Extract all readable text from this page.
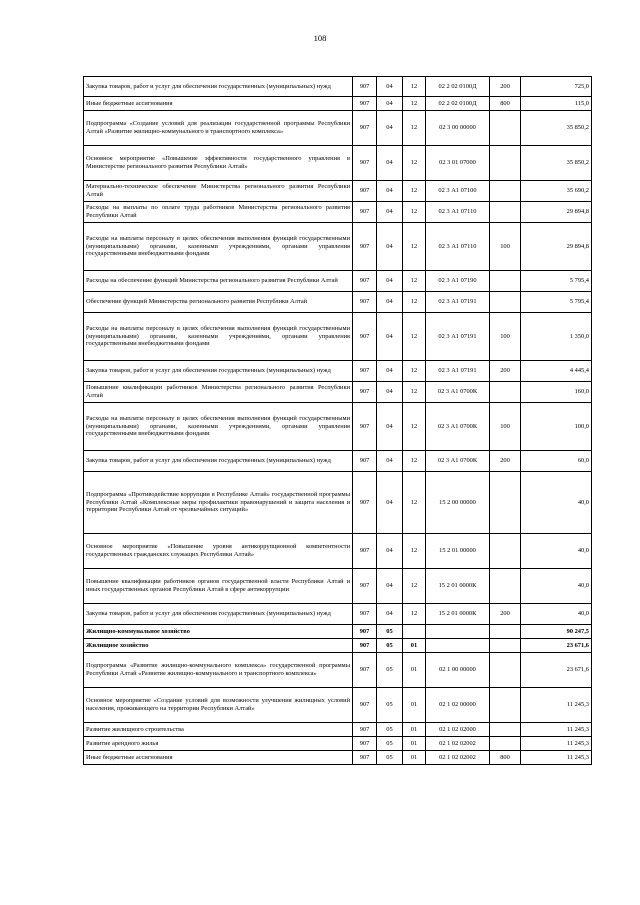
108
Закупка товаров, работ и услуг для обеспечения государственных (муниципальных) нужд	907	04	12	02 2 02 0100Д	200	725,0
Иные бюджетные ассигнования	907	04	12	02 2 02 0100Д	800	115,0
Подпрограмма «Создание условий для реализации государственной программы Республики Алтай «Развитие жилищно-коммунального и транспортного комплекса»	907	04	12	02 3 00 00000		35 850,2
Основное мероприятие «Повышение эффективности государственного управления в Министерстве регионального развития Республики Алтай»	907	04	12	02 3 01 07000		35 850,2
Материально-техническое обеспечение Министерства регионального развития Республики Алтай	907	04	12	02 3 А1 07100		35 690,2
Расходы на выплаты по оплате труда работников Министерства регионального развития Республики Алтай	907	04	12	02 3 А1 07110		29 894,8
Расходы на выплаты персоналу в целях обеспечения выполнения функций государственными (муниципальными) органами, казенными учреждениями, органами управления государственными внебюджетными фондами	907	04	12	02 3 А1 07110	100	29 894,8
Расходы на обеспечение функций Министерства регионального развития Республики Алтай	907	04	12	02 3 А1 07190		5 795,4
Обеспечение функций Министерства регионального развития Республики Алтай	907	04	12	02 3 А1 07191		5 795,4
Расходы на выплаты персоналу в целях обеспечения выполнения функций государственными (муниципальными) органами, казенными учреждениями, органами управления государственными внебюджетными фондами	907	04	12	02 3 А1 07191	100	1 350,0
Закупка товаров, работ и услуг для обеспечения государственных (муниципальных) нужд	907	04	12	02 3 А1 07191	200	4 445,4
Повышение квалификации работников Министерства регионального развития Республики Алтай	907	04	12	02 3 А1 0700К		160,0
Расходы на выплаты персоналу в целях обеспечения выполнения функций государственными (муниципальными) органами, казенными учреждениями, органами управления государственными внебюджетными фондами	907	04	12	02 3 А1 0700К	100	100,0
Закупка товаров, работ и услуг для обеспечения государственных (муниципальных) нужд	907	04	12	02 3 А1 0700К	200	60,0
Подпрограмма «Противодействие коррупции в Республике Алтай» государственной программы Республики Алтай «Комплексные меры профилактики правонарушений и защита населения и территории Республики Алтай от чрезвычайных ситуаций»	907	04	12	15 2 00 00000		40,0
Основное мероприятие «Повышение уровня антикоррупционной компетентности государственных гражданских служащих Республики Алтай»	907	04	12	15 2 01 00000		40,0
Повышение квалификации работников органов государственной власти Республики Алтай и иных государственных органов Республики Алтай в сфере антикоррупции	907	04	12	15 2 01 0000К		40,0
Закупка товаров, работ и услуг для обеспечения государственных (муниципальных) нужд	907	04	12	15 2 01 0000К	200	40,0
Жилищно-коммунальное хозяйство	907	05				90 247,5
Жилищное хозяйство	907	05	01			23 671,6
Подпрограмма «Развитие жилищно-коммунального комплекса» государственной программы Республики Алтай «Развитие жилищно-коммунального и транспортного комплекса»	907	05	01	02 1 00 00000		23 671,6
Основное мероприятие «Создание условий для возможности улучшения жилищных условий населения, проживающего на территории Республики Алтай»	907	05	01	02 1 02 00000		11 245,3
Развитие жилищного строительства	907	05	01	02 1 02 02000		11 245,3
Развитие арендного жилья	907	05	01	02 1 02 02002		11 245,3
Иные бюджетные ассигнования	907	05	01	02 1 02 02002	800	11 245,3
